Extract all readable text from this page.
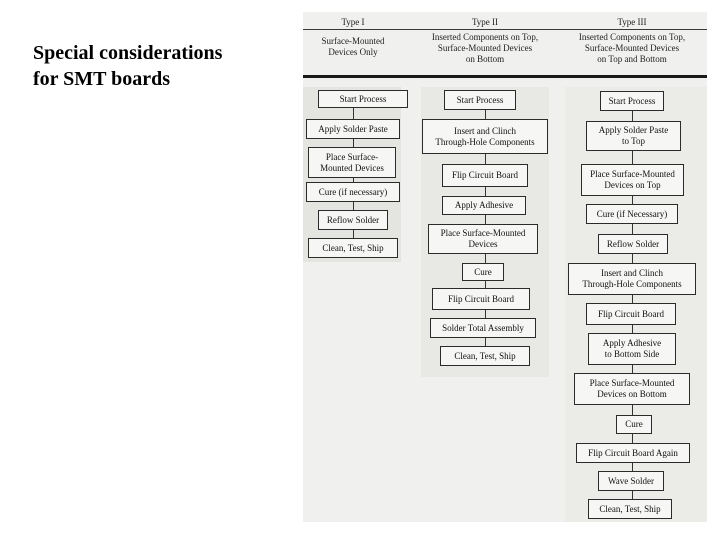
Special considerations
for SMT boards
Type I
Surface-Mounted
Devices Only
Start Process
Apply Solder Paste
Place Surface-
Mounted Devices
Cure (if necessary)
Reflow Solder
Clean, Test, Ship
Type II
Inserted Components on Top,
Surface-Mounted Devices
on Bottom
Start Process
Insert and Clinch
Through-Hole Components
Flip Circuit Board
Apply Adhesive
Place Surface-Mounted
Devices
Cure
Flip Circuit Board
Solder Total Assembly
Clean, Test, Ship
Type III
Inserted Components on Top,
Surface-Mounted Devices
on Top and Bottom
Start Process
Apply Solder Paste
to Top
Place Surface-Mounted
Devices on Top
Cure (if Necessary)
Reflow Solder
Insert and Clinch
Through-Hole Components
Flip Circuit Board
Apply Adhesive
to Bottom Side
Place Surface-Mounted
Devices on Bottom
Cure
Flip Circuit Board Again
Wave Solder
Clean, Test, Ship
